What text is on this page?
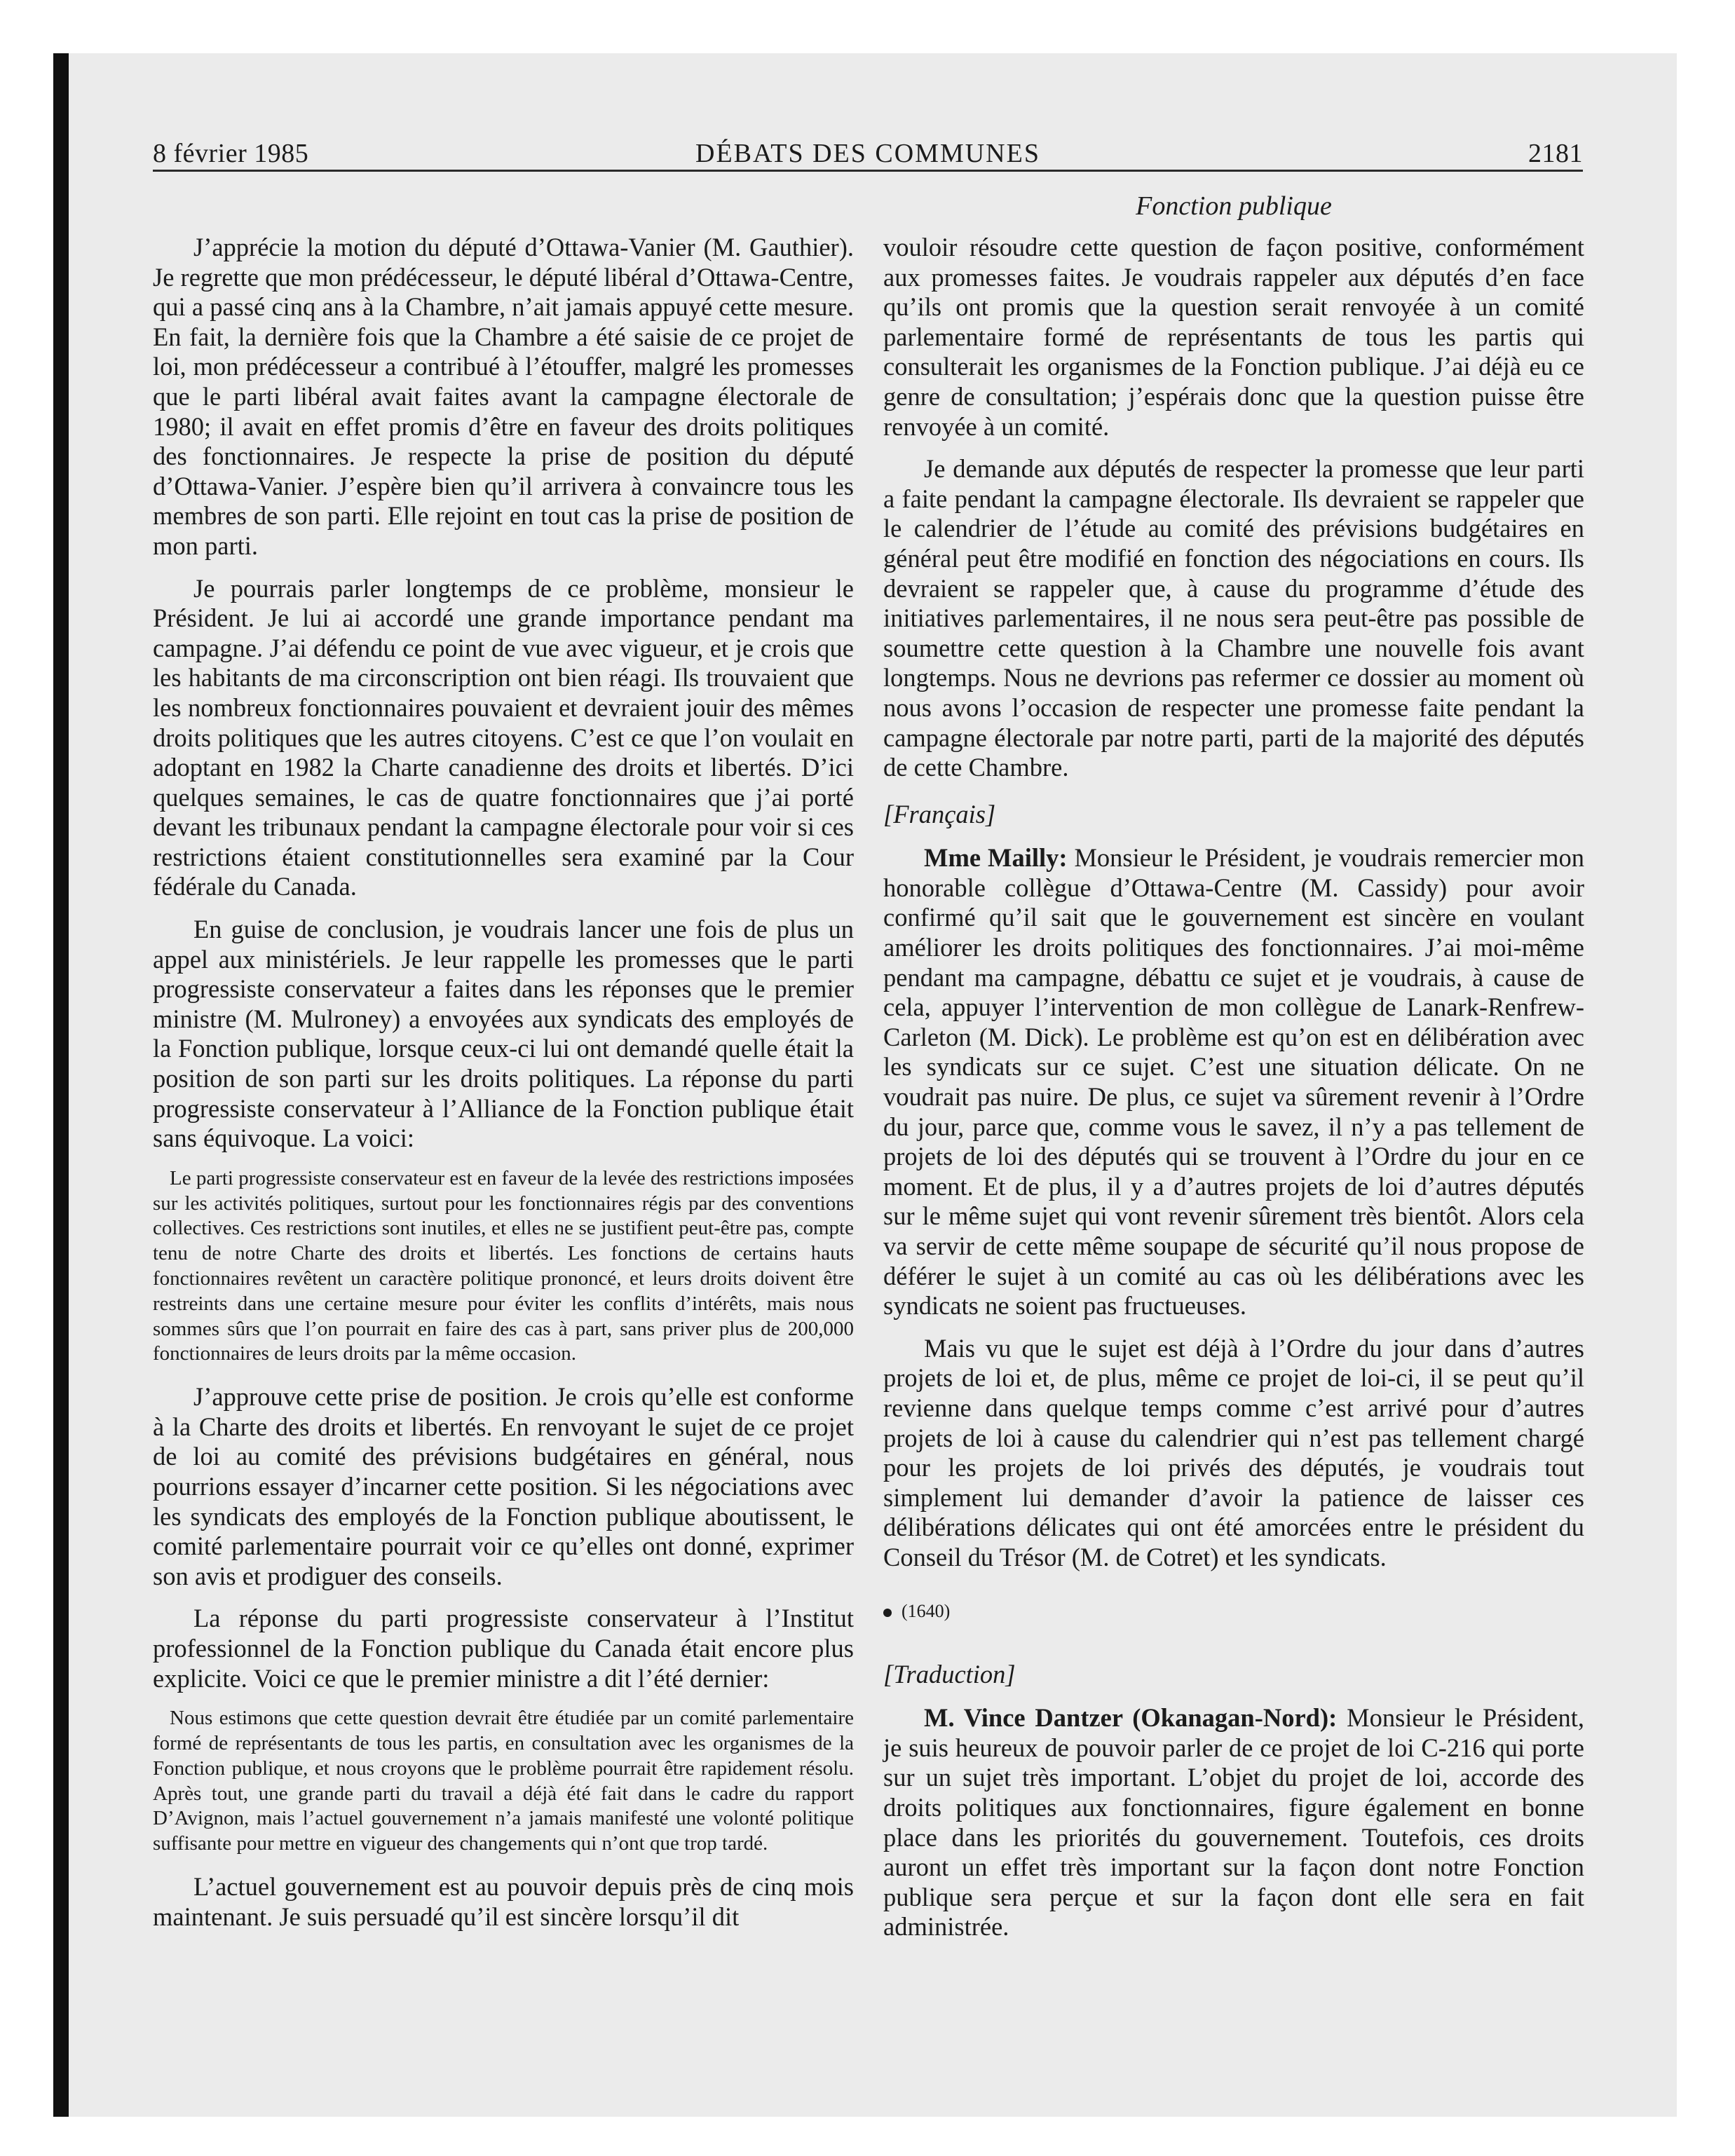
8 février 1985	DÉBATS DES COMMUNES	2181
Fonction publique

J’apprécie la motion du député d’Ottawa-Vanier (M. Gauthier). Je regrette que mon prédécesseur, le député libéral d’Ottawa-Centre, qui a passé cinq ans à la Chambre, n’ait jamais appuyé cette mesure. En fait, la dernière fois que la Chambre a été saisie de ce projet de loi, mon prédécesseur a contribué à l’étouffer, malgré les promesses que le parti libéral avait faites avant la campagne électorale de 1980; il avait en effet promis d’être en faveur des droits politiques des fonctionnaires. Je respecte la prise de position du député d’Ottawa-Vanier. J’espère bien qu’il arrivera à convaincre tous les membres de son parti. Elle rejoint en tout cas la prise de position de mon parti.

Je pourrais parler longtemps de ce problème, monsieur le Président. Je lui ai accordé une grande importance pendant ma campagne. J’ai défendu ce point de vue avec vigueur, et je crois que les habitants de ma circonscription ont bien réagi. Ils trouvaient que les nombreux fonctionnaires pouvaient et devraient jouir des mêmes droits politiques que les autres citoyens. C’est ce que l’on voulait en adoptant en 1982 la Charte canadienne des droits et libertés. D’ici quelques semaines, le cas de quatre fonctionnaires que j’ai porté devant les tribunaux pendant la campagne électorale pour voir si ces restrictions étaient constitutionnelles sera examiné par la Cour fédérale du Canada.

En guise de conclusion, je voudrais lancer une fois de plus un appel aux ministériels. Je leur rappelle les promesses que le parti progressiste conservateur a faites dans les réponses que le premier ministre (M. Mulroney) a envoyées aux syndicats des employés de la Fonction publique, lorsque ceux-ci lui ont demandé quelle était la position de son parti sur les droits politiques. La réponse du parti progressiste conservateur à l’Alliance de la Fonction publique était sans équivoque. La voici:

Le parti progressiste conservateur est en faveur de la levée des restrictions imposées sur les activités politiques, surtout pour les fonctionnaires régis par des conventions collectives. Ces restrictions sont inutiles, et elles ne se justifient peut-être pas, compte tenu de notre Charte des droits et libertés. Les fonctions de certains hauts fonctionnaires revêtent un caractère politique prononcé, et leurs droits doivent être restreints dans une certaine mesure pour éviter les conflits d’intérêts, mais nous sommes sûrs que l’on pourrait en faire des cas à part, sans priver plus de 200,000 fonctionnaires de leurs droits par la même occasion.

J’approuve cette prise de position. Je crois qu’elle est conforme à la Charte des droits et libertés. En renvoyant le sujet de ce projet de loi au comité des prévisions budgétaires en général, nous pourrions essayer d’incarner cette position. Si les négociations avec les syndicats des employés de la Fonction publique aboutissent, le comité parlementaire pourrait voir ce qu’elles ont donné, exprimer son avis et prodiguer des conseils.

La réponse du parti progressiste conservateur à l’Institut professionnel de la Fonction publique du Canada était encore plus explicite. Voici ce que le premier ministre a dit l’été dernier:

Nous estimons que cette question devrait être étudiée par un comité parlementaire formé de représentants de tous les partis, en consultation avec les organismes de la Fonction publique, et nous croyons que le problème pourrait être rapidement résolu. Après tout, une grande parti du travail a déjà été fait dans le cadre du rapport D’Avignon, mais l’actuel gouvernement n’a jamais manifesté une volonté politique suffisante pour mettre en vigueur des changements qui n’ont que trop tardé.

L’actuel gouvernement est au pouvoir depuis près de cinq mois maintenant. Je suis persuadé qu’il est sincère lorsqu’il dit

vouloir résoudre cette question de façon positive, conformément aux promesses faites. Je voudrais rappeler aux députés d’en face qu’ils ont promis que la question serait renvoyée à un comité parlementaire formé de représentants de tous les partis qui consulterait les organismes de la Fonction publique. J’ai déjà eu ce genre de consultation; j’espérais donc que la question puisse être renvoyée à un comité.

Je demande aux députés de respecter la promesse que leur parti a faite pendant la campagne électorale. Ils devraient se rappeler que le calendrier de l’étude au comité des prévisions budgétaires en général peut être modifié en fonction des négociations en cours. Ils devraient se rappeler que, à cause du programme d’étude des initiatives parlementaires, il ne nous sera peut-être pas possible de soumettre cette question à la Chambre une nouvelle fois avant longtemps. Nous ne devrions pas refermer ce dossier au moment où nous avons l’occasion de respecter une promesse faite pendant la campagne électorale par notre parti, parti de la majorité des députés de cette Chambre.

[Français]

Mme Mailly: Monsieur le Président, je voudrais remercier mon honorable collègue d’Ottawa-Centre (M. Cassidy) pour avoir confirmé qu’il sait que le gouvernement est sincère en voulant améliorer les droits politiques des fonctionnaires. J’ai moi-même pendant ma campagne, débattu ce sujet et je voudrais, à cause de cela, appuyer l’intervention de mon collègue de Lanark-Renfrew-Carleton (M. Dick). Le problème est qu’on est en délibération avec les syndicats sur ce sujet. C’est une situation délicate. On ne voudrait pas nuire. De plus, ce sujet va sûrement revenir à l’Ordre du jour, parce que, comme vous le savez, il n’y a pas tellement de projets de loi des députés qui se trouvent à l’Ordre du jour en ce moment. Et de plus, il y a d’autres projets de loi d’autres députés sur le même sujet qui vont revenir sûrement très bientôt. Alors cela va servir de cette même soupape de sécurité qu’il nous propose de déférer le sujet à un comité au cas où les délibérations avec les syndicats ne soient pas fructueuses.

Mais vu que le sujet est déjà à l’Ordre du jour dans d’autres projets de loi et, de plus, même ce projet de loi-ci, il se peut qu’il revienne dans quelque temps comme c’est arrivé pour d’autres projets de loi à cause du calendrier qui n’est pas tellement chargé pour les projets de loi privés des députés, je voudrais tout simplement lui demander d’avoir la patience de laisser ces délibérations délicates qui ont été amorcées entre le président du Conseil du Trésor (M. de Cotret) et les syndicats.

(1640)

[Traduction]

M. Vince Dantzer (Okanagan-Nord): Monsieur le Président, je suis heureux de pouvoir parler de ce projet de loi C-216 qui porte sur un sujet très important. L’objet du projet de loi, accorde des droits politiques aux fonctionnaires, figure également en bonne place dans les priorités du gouvernement. Toutefois, ces droits auront un effet très important sur la façon dont notre Fonction publique sera perçue et sur la façon dont elle sera en fait administrée.
